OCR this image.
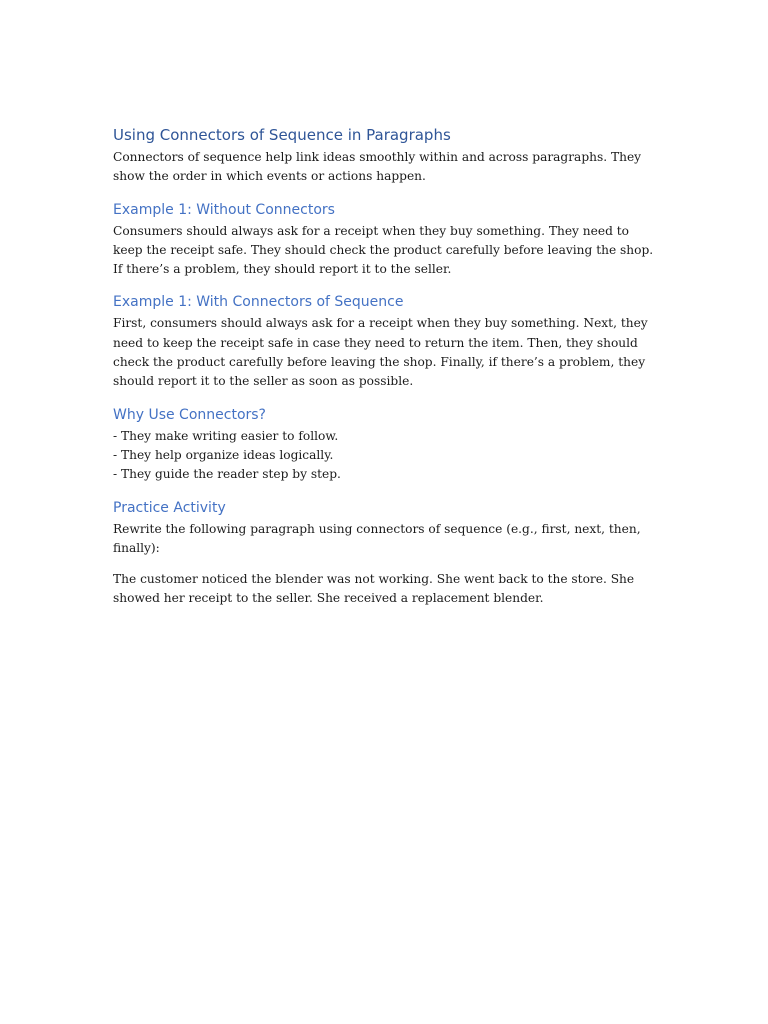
Using Connectors of Sequence in Paragraphs

Connectors of sequence help link ideas smoothly within and across paragraphs. They show the order in which events or actions happen.

Example 1: Without Connectors

Consumers should always ask for a receipt when they buy something. They need to keep the receipt safe. They should check the product carefully before leaving the shop. If there’s a problem, they should report it to the seller.

Example 1: With Connectors of Sequence

First, consumers should always ask for a receipt when they buy something. Next, they need to keep the receipt safe in case they need to return the item. Then, they should check the product carefully before leaving the shop. Finally, if there’s a problem, they should report it to the seller as soon as possible.

Why Use Connectors?
- They make writing easier to follow.
- They help organize ideas logically.
- They guide the reader step by step.
Practice Activity

Rewrite the following paragraph using connectors of sequence (e.g., first, next, then, finally):

The customer noticed the blender was not working. She went back to the store. She showed her receipt to the seller. She received a replacement blender.
